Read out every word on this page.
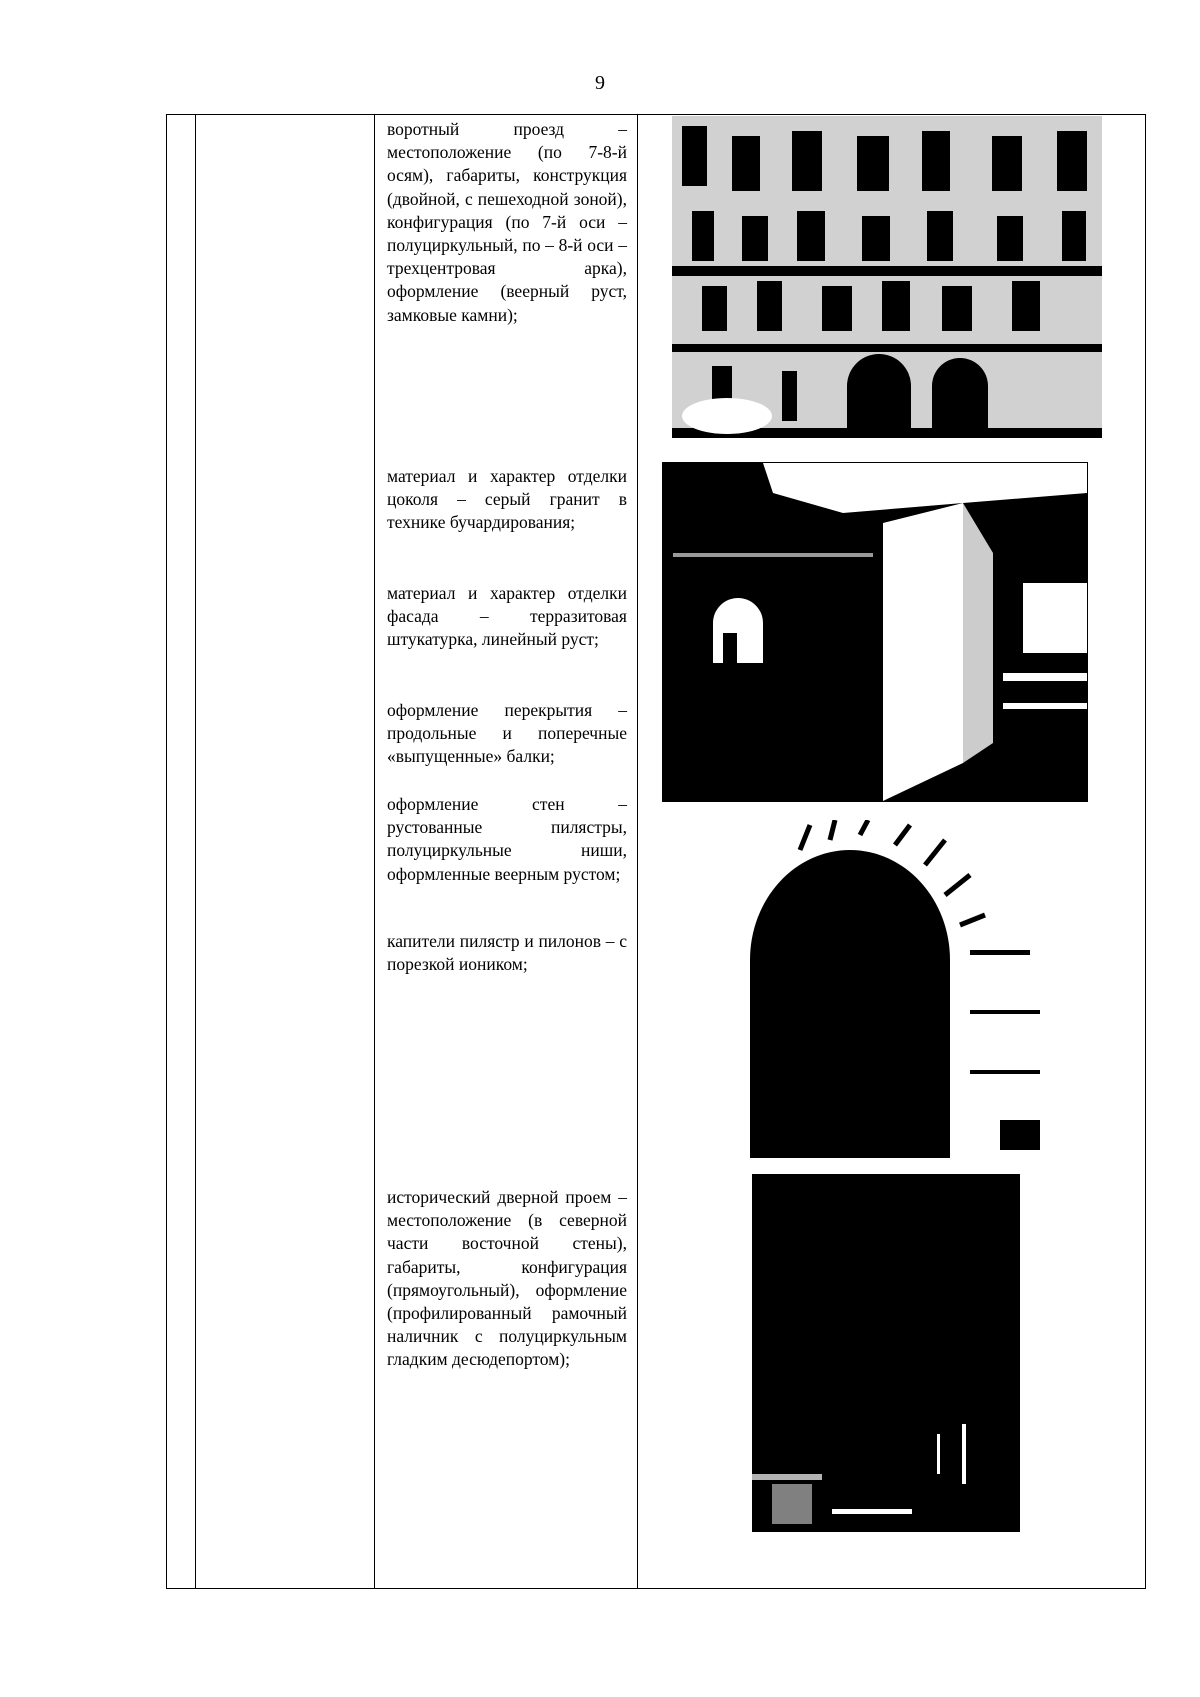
9
воротный проезд – местоположение (по 7-8-й осям), габариты, конструкция (двойной, с пешеходной зоной), конфигурация (по 7-й оси – полуциркульный, по – 8-й оси – трехцентровая арка), оформление (веерный руст, замковые камни);
материал и характер отделки цоколя – серый гранит в технике бучардирования;
материал и характер отделки фасада – терразитовая штукатурка, линейный руст;
оформление перекрытия – продольные и поперечные «выпущенные» балки;
оформление стен – рустованные пилястры, полуциркульные ниши, оформленные веерным рустом;
капители пилястр и пилонов – с порезкой иоником;
исторический дверной проем – местоположение (в северной части восточной стены), габариты, конфигурация (прямоугольный), оформление (профилированный рамочный наличник с полуциркульным гладким десюдепортом);
